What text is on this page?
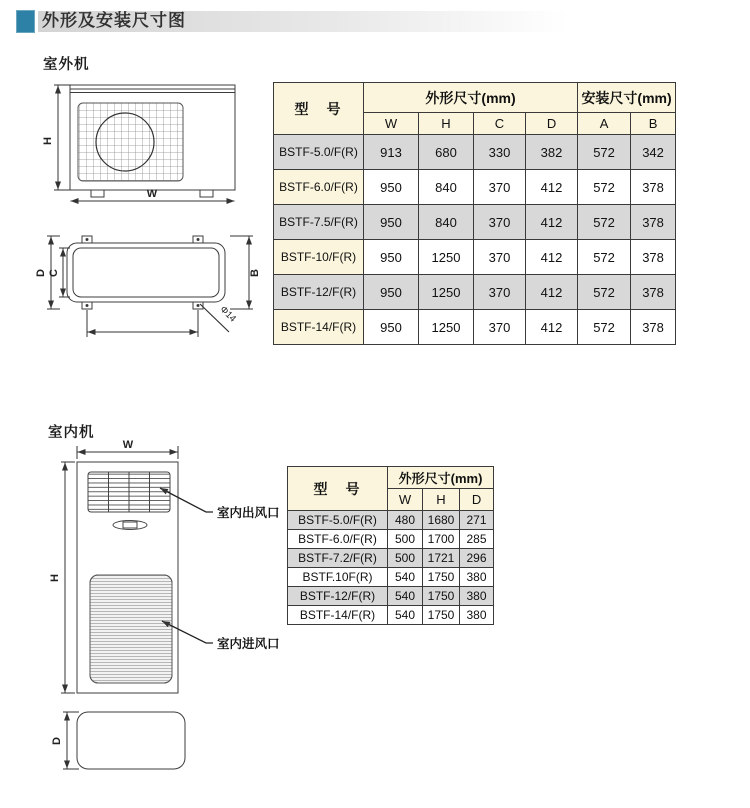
外形及安装尺寸图
室外机
室内机
H
W
D C	B
Φ14
型　号	外形尺寸(mm)				安装尺寸(mm)	
	W	H	C	D	A	B
BSTF-5.0/F(R)	913	680	330	382	572	342
BSTF-6.0/F(R)	950	840	370	412	572	378
BSTF-7.5/F(R)	950	840	370	412	572	378
BSTF-10/F(R)	950	1250	370	412	572	378
BSTF-12/F(R)	950	1250	370	412	572	378
BSTF-14/F(R)	950	1250	370	412	572	378
W
H
室内出风口
室内进风口
D
型　号	外形尺寸(mm)		
	W	H	D
BSTF-5.0/F(R)	480	1680	271
BSTF-6.0/F(R)	500	1700	285
BSTF-7.2/F(R)	500	1721	296
BSTF.10F(R)	540	1750	380
BSTF-12/F(R)	540	1750	380
BSTF-14/F(R)	540	1750	380
